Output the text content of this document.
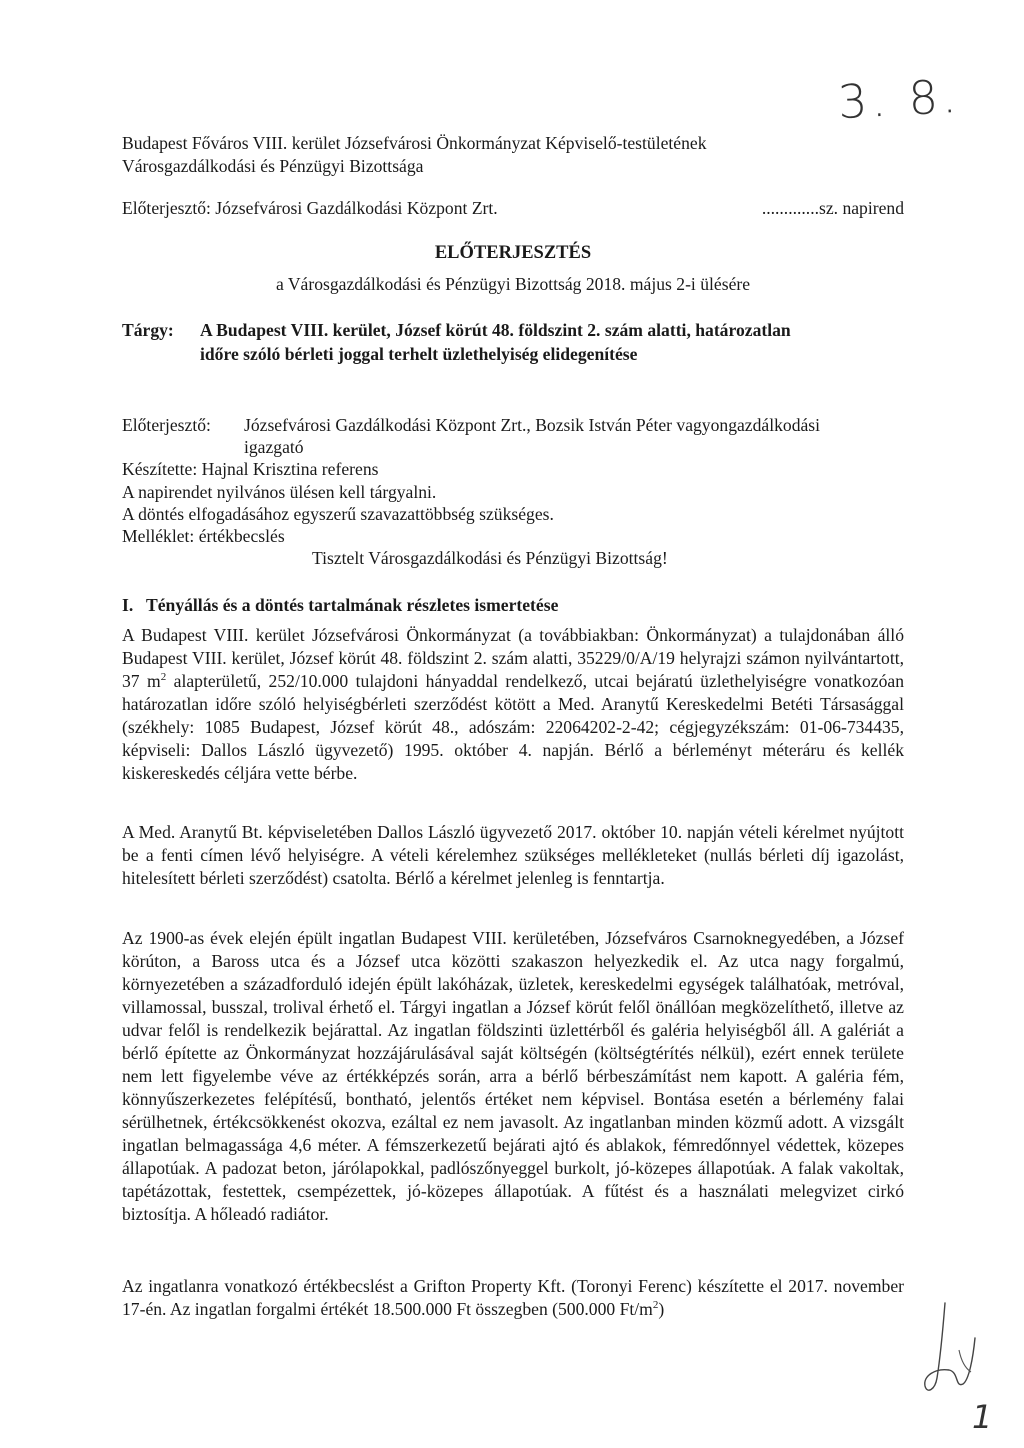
3. 8.
1
Budapest Főváros VIII. kerület Józsefvárosi Önkormányzat Képviselő-testületének
Városgazdálkodási és Pénzügyi Bizottsága
Előterjesztő: Józsefvárosi Gazdálkodási Központ Zrt.	.............sz. napirend
ELŐTERJESZTÉS
a Városgazdálkodási és Pénzügyi Bizottság 2018. május 2-i ülésére
Tárgy:	A Budapest VIII. kerület, József körút 48. földszint 2. szám alatti, határozatlan
időre szóló bérleti joggal terhelt üzlethelyiség elidegenítése
Előterjesztő:	Józsefvárosi Gazdálkodási Központ Zrt., Bozsik István Péter vagyongazdálkodási
igazgató
Készítette: Hajnal Krisztina referens
A napirendet nyilvános ülésen kell tárgyalni.
A döntés elfogadásához egyszerű szavazattöbbség szükséges.
Melléklet: értékbecslés
Tisztelt Városgazdálkodási és Pénzügyi Bizottság!
I. Tényállás és a döntés tartalmának részletes ismertetése

A Budapest VIII. kerület Józsefvárosi Önkormányzat (a továbbiakban: Önkormányzat) a tulajdonában álló Budapest VIII. kerület, József körút 48. földszint 2. szám alatti, 35229/0/A/19 helyrajzi számon nyilvántartott, 37 $m^2$ alapterületű, 252/10.000 tulajdoni hányaddal rendelkező, utcai bejáratú üzlethelyiségre vonatkozóan határozatlan időre szóló helyiségbérleti szerződést kötött a Med. Aranytű Kereskedelmi Betéti Társasággal (székhely: 1085 Budapest, József körút 48., adószám: 22064202-2-42; cégjegyzékszám: 01-06-734435, képviseli: Dallos László ügyvezető) 1995. október 4. napján. Bérlő a bérleményt méteráru és kellék kiskereskedés céljára vette bérbe.

A Med. Aranytű Bt. képviseletében Dallos László ügyvezető 2017. október 10. napján vételi kérelmet nyújtott be a fenti címen lévő helyiségre. A vételi kérelemhez szükséges mellékleteket (nullás bérleti díj igazolást, hitelesített bérleti szerződést) csatolta. Bérlő a kérelmet jelenleg is fenntartja.

Az 1900-as évek elején épült ingatlan Budapest VIII. kerületében, Józsefváros Csarnoknegyedében, a József körúton, a Baross utca és a József utca közötti szakaszon helyezkedik el. Az utca nagy forgalmú, környezetében a századforduló idején épült lakóházak, üzletek, kereskedelmi egységek találhatóak, metróval, villamossal, busszal, trolival érhető el. Tárgyi ingatlan a József körút felől önállóan megközelíthető, illetve az udvar felől is rendelkezik bejárattal. Az ingatlan földszinti üzlettérből és galéria helyiségből áll. A galériát a bérlő építette az Önkormányzat hozzájárulásával saját költségén (költségtérítés nélkül), ezért ennek területe nem lett figyelembe véve az értékképzés során, arra a bérlő bérbeszámítást nem kapott. A galéria fém, könnyűszerkezetes felépítésű, bontható, jelentős értéket nem képvisel. Bontása esetén a bérlemény falai sérülhetnek, értékcsökkenést okozva, ezáltal ez nem javasolt. Az ingatlanban minden közmű adott. A vizsgált ingatlan belmagassága 4,6 méter. A fémszerkezetű bejárati ajtó és ablakok, fémredőnnyel védettek, közepes állapotúak. A padozat beton, járólapokkal, padlószőnyeggel burkolt, jó-közepes állapotúak. A falak vakoltak, tapétázottak, festettek, csempézettek, jó-közepes állapotúak. A fűtést és a használati melegvizet cirkó biztosítja. A hőleadó radiátor.

Az ingatlanra vonatkozó értékbecslést a Grifton Property Kft. (Toronyi Ferenc) készítette el 2017. november 17-én. Az ingatlan forgalmi értékét 18.500.000 Ft összegben (500.000 $Ft/m^2$)
